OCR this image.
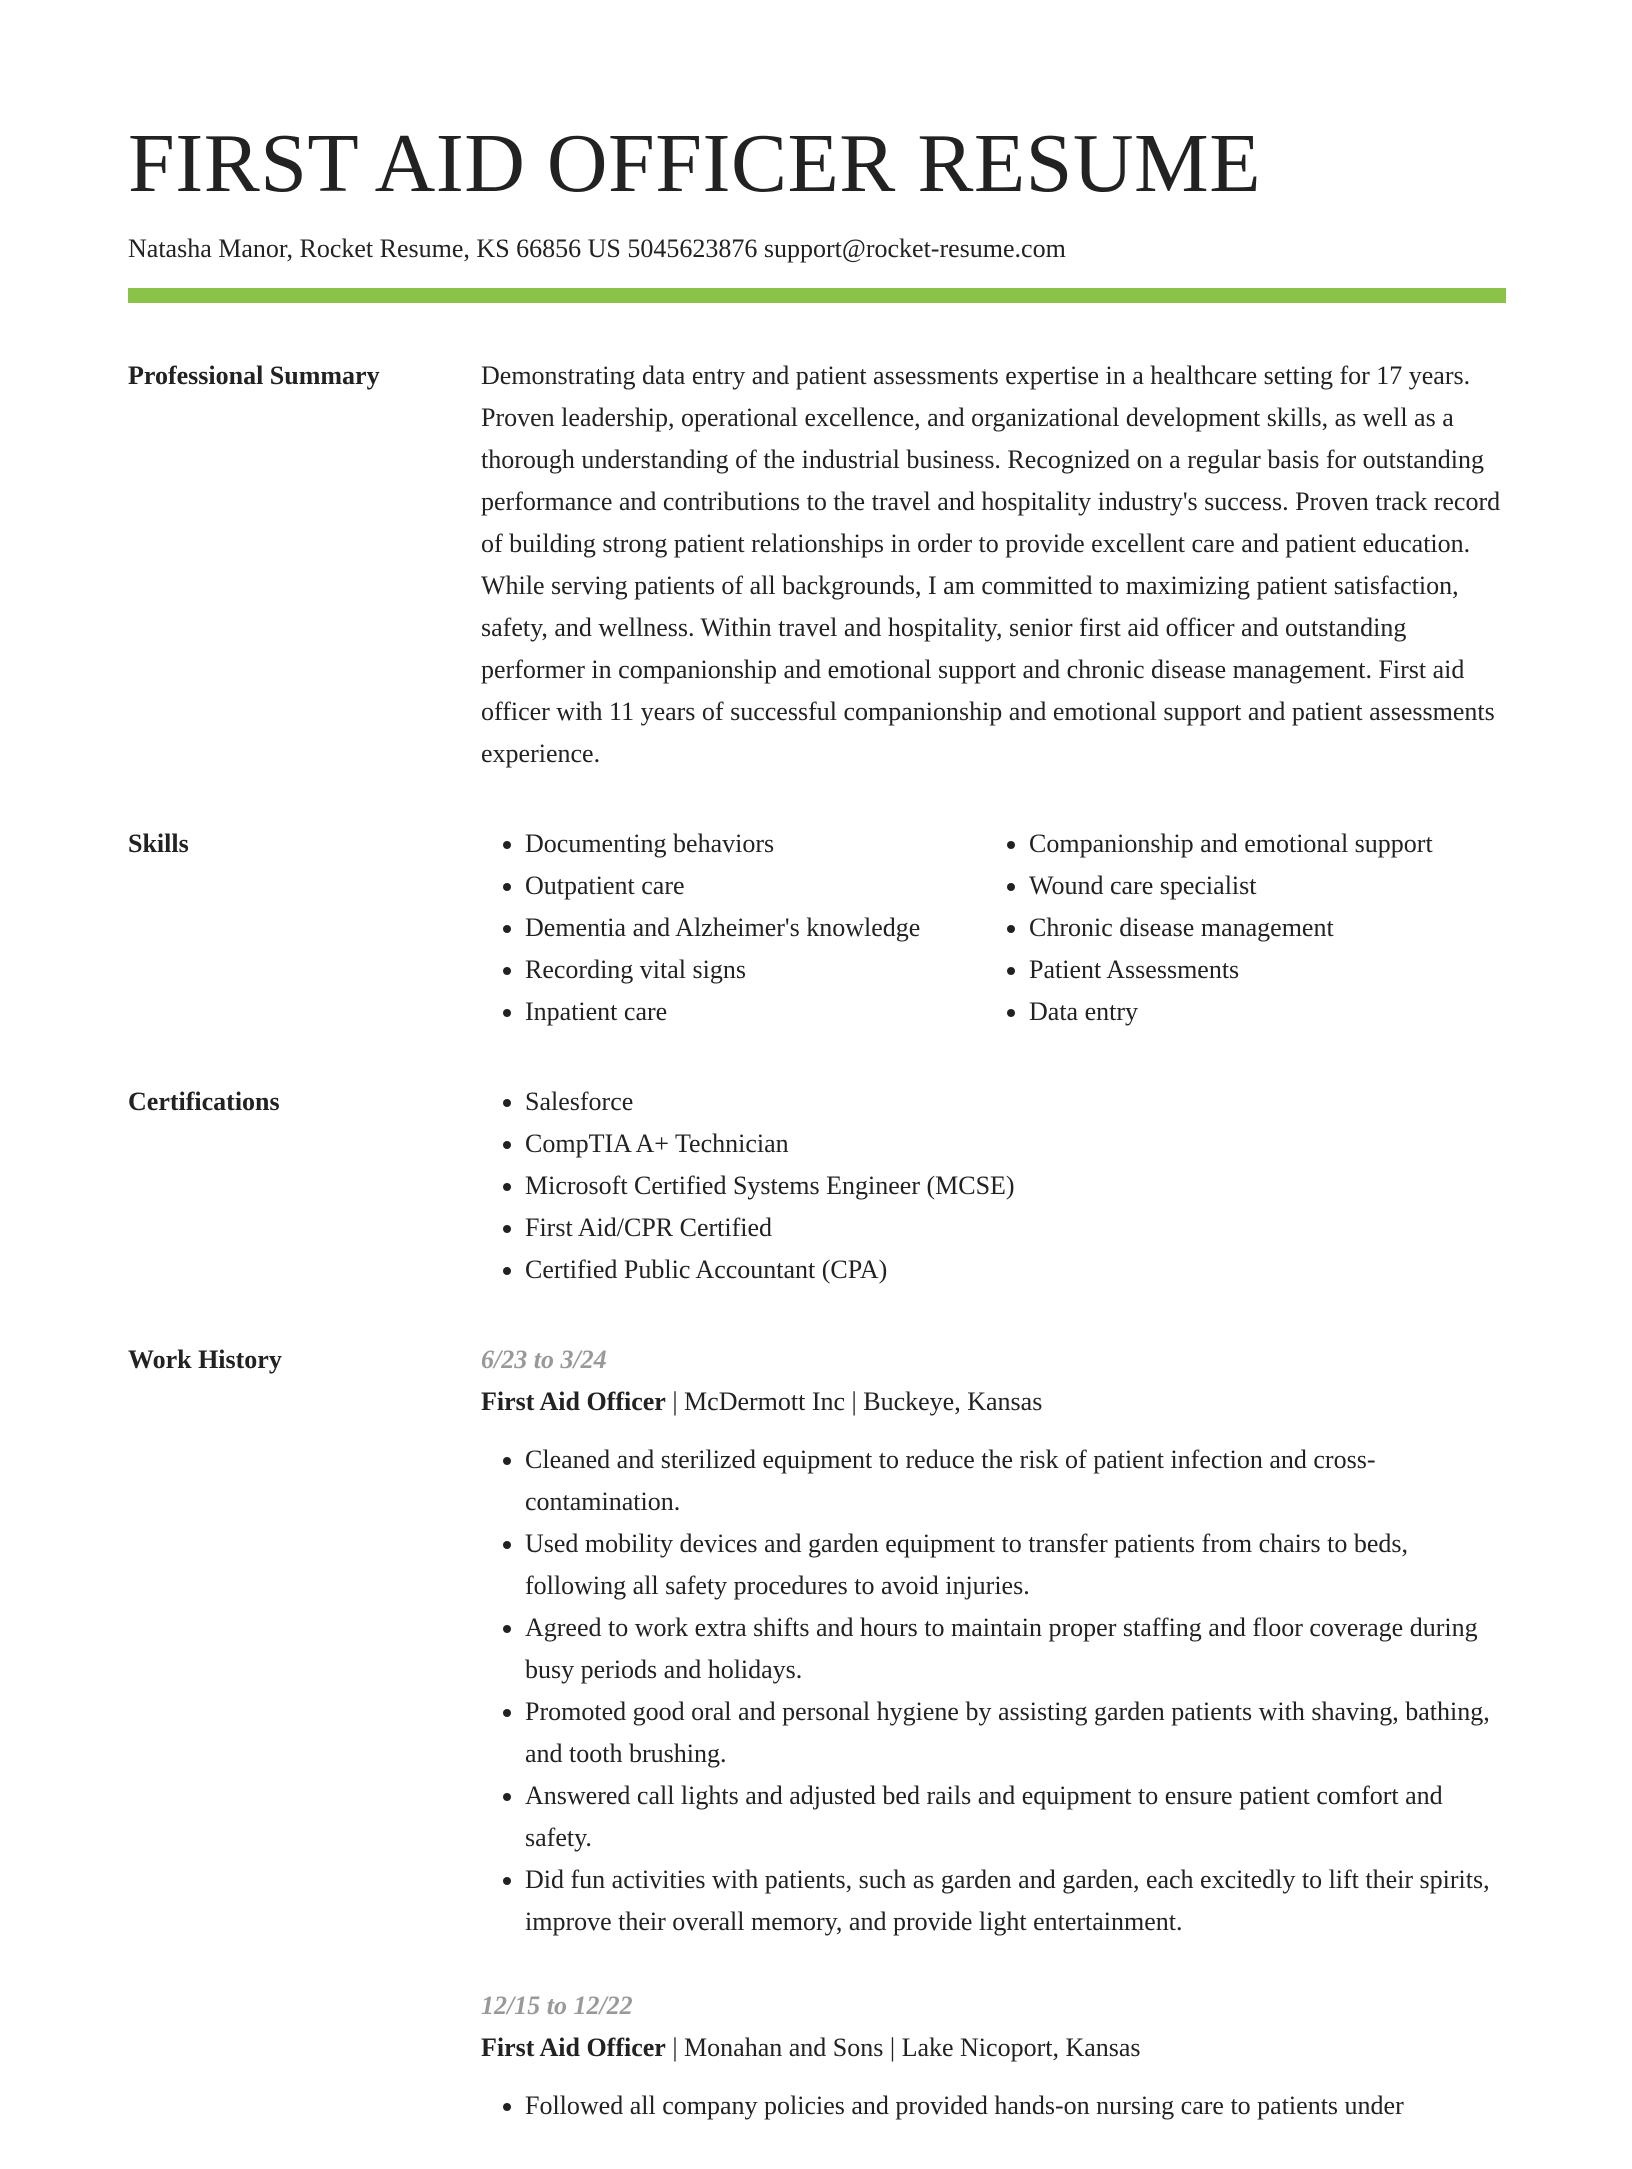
FIRST AID OFFICER RESUME
Natasha Manor, Rocket Resume, KS 66856 US 5045623876 support@rocket-resume.com
Professional Summary	Demonstrating data entry and patient assessments expertise in a healthcare setting for 17 years. Proven leadership, operational excellence, and organizational development skills, as well as a thorough understanding of the industrial business. Recognized on a regular basis for outstanding performance and contributions to the travel and hospitality industry's success. Proven track record of building strong patient relationships in order to provide excellent care and patient education. While serving patients of all backgrounds, I am committed to maximizing patient satisfaction, safety, and wellness. Within travel and hospitality, senior first aid officer and outstanding performer in companionship and emotional support and chronic disease management. First aid officer with 11 years of successful companionship and emotional support and patient assessments experience.

Skills	• Documenting behaviors
• Outpatient care
• Dementia and Alzheimer's knowledge
• Recording vital signs
• Inpatient care
• Companionship and emotional support
• Wound care specialist
• Chronic disease management
• Patient Assessments
• Data entry
Certifications	• Salesforce
• CompTIA A+ Technician
• Microsoft Certified Systems Engineer (MCSE)
• First Aid/CPR Certified
• Certified Public Accountant (CPA)
Work History	6/23 to 3/24
First Aid Officer | McDermott Inc | Buckeye, Kansas
• Cleaned and sterilized equipment to reduce the risk of patient infection and cross-contamination.
• Used mobility devices and garden equipment to transfer patients from chairs to beds, following all safety procedures to avoid injuries.
• Agreed to work extra shifts and hours to maintain proper staffing and floor coverage during busy periods and holidays.
• Promoted good oral and personal hygiene by assisting garden patients with shaving, bathing, and tooth brushing.
• Answered call lights and adjusted bed rails and equipment to ensure patient comfort and safety.
• Did fun activities with patients, such as garden and garden, each excitedly to lift their spirits, improve their overall memory, and provide light entertainment.
12/15 to 12/22
First Aid Officer | Monahan and Sons | Lake Nicoport, Kansas
• Followed all company policies and provided hands-on nursing care to patients under
